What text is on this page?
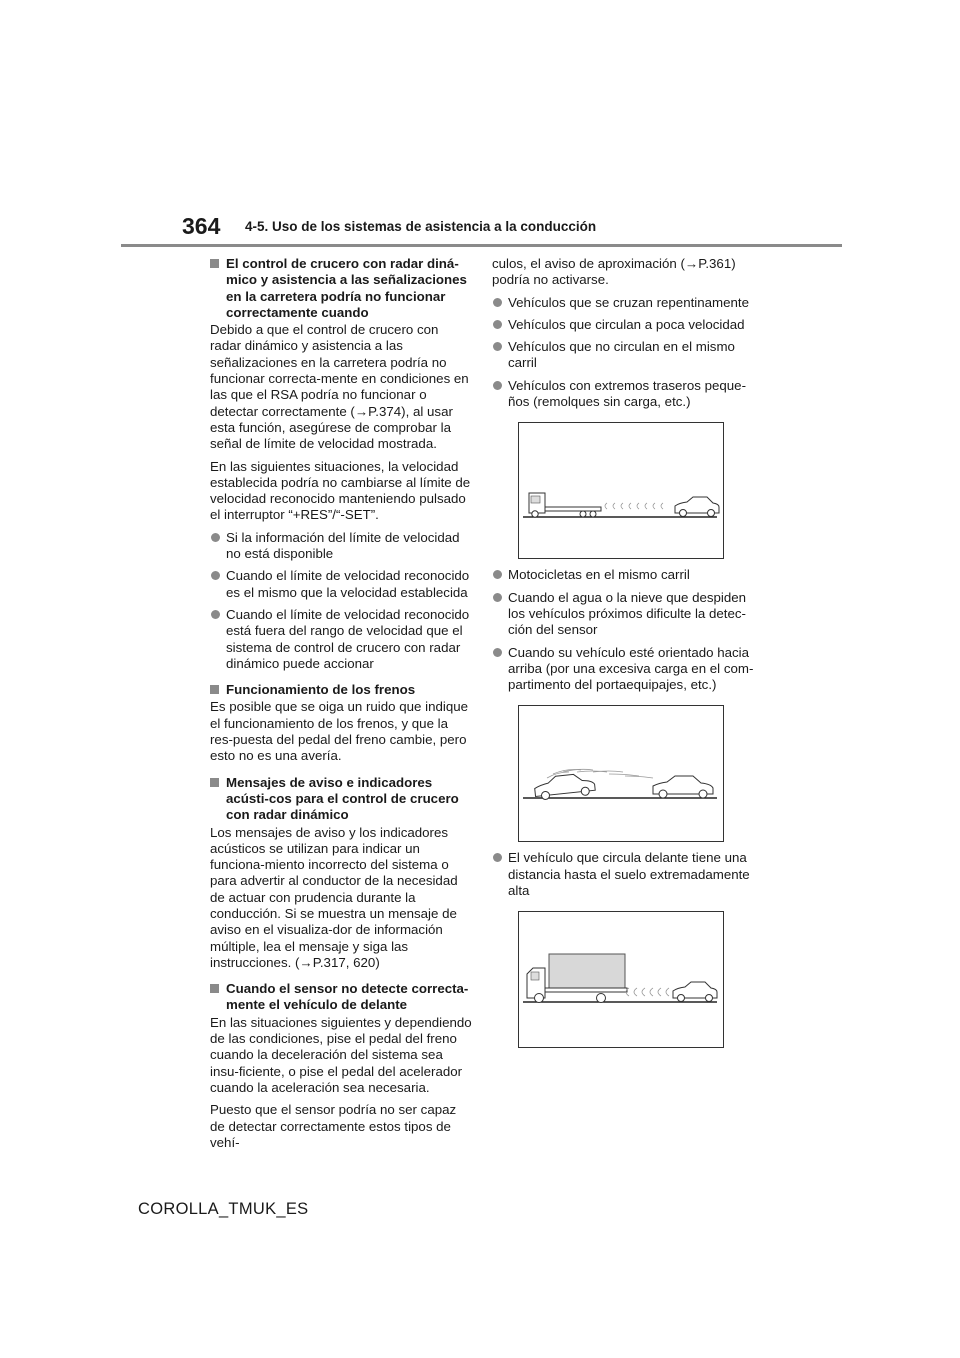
364 4-5. Uso de los sistemas de asistencia a la conducción
El control de crucero con radar diná-mico y asistencia a las señalizaciones en la carretera podría no funcionar correctamente cuando

Debido a que el control de crucero con radar dinámico y asistencia a las señalizaciones en la carretera podría no funcionar correcta-mente en condiciones en las que el RSA podría no funcionar o detectar correctamente (→P.374), al usar esta función, asegúrese de comprobar la señal de límite de velocidad mostrada.

En las siguientes situaciones, la velocidad establecida podría no cambiarse al límite de velocidad reconocido manteniendo pulsado el interruptor “+RES”/“-SET”.

Si la información del límite de velocidad no está disponible
Cuando el límite de velocidad reconocido es el mismo que la velocidad establecida
Cuando el límite de velocidad reconocido está fuera del rango de velocidad que el sistema de control de crucero con radar dinámico puede accionar
Funcionamiento de los frenos

Es posible que se oiga un ruido que indique el funcionamiento de los frenos, y que la res-puesta del pedal del freno cambie, pero esto no es una avería.

Mensajes de aviso e indicadores acústi-cos para el control de crucero con radar dinámico

Los mensajes de aviso y los indicadores acústicos se utilizan para indicar un funciona-miento incorrecto del sistema o para advertir al conductor de la necesidad de actuar con prudencia durante la conducción. Si se muestra un mensaje de aviso en el visualiza-dor de información múltiple, lea el mensaje y siga las instrucciones. (→P.317, 620)

Cuando el sensor no detecte correcta-mente el vehículo de delante

En las situaciones siguientes y dependiendo de las condiciones, pise el pedal del freno cuando la deceleración del sistema sea insu-ficiente, o pise el pedal del acelerador cuando la aceleración sea necesaria.

Puesto que el sensor podría no ser capaz de detectar correctamente estos tipos de vehí-

culos, el aviso de aproximación (→P.361) podría no activarse.

Vehículos que se cruzan repentinamente
Vehículos que circulan a poca velocidad
Vehículos que no circulan en el mismo carril
Vehículos con extremos traseros peque-ños (remolques sin carga, etc.)
Motocicletas en el mismo carril
Cuando el agua o la nieve que despiden los vehículos próximos dificulte la detec-ción del sensor
Cuando su vehículo esté orientado hacia arriba (por una excesiva carga en el com-partimento del portaequipajes, etc.)
El vehículo que circula delante tiene una distancia hasta el suelo extremadamente alta
COROLLA_TMUK_ES
